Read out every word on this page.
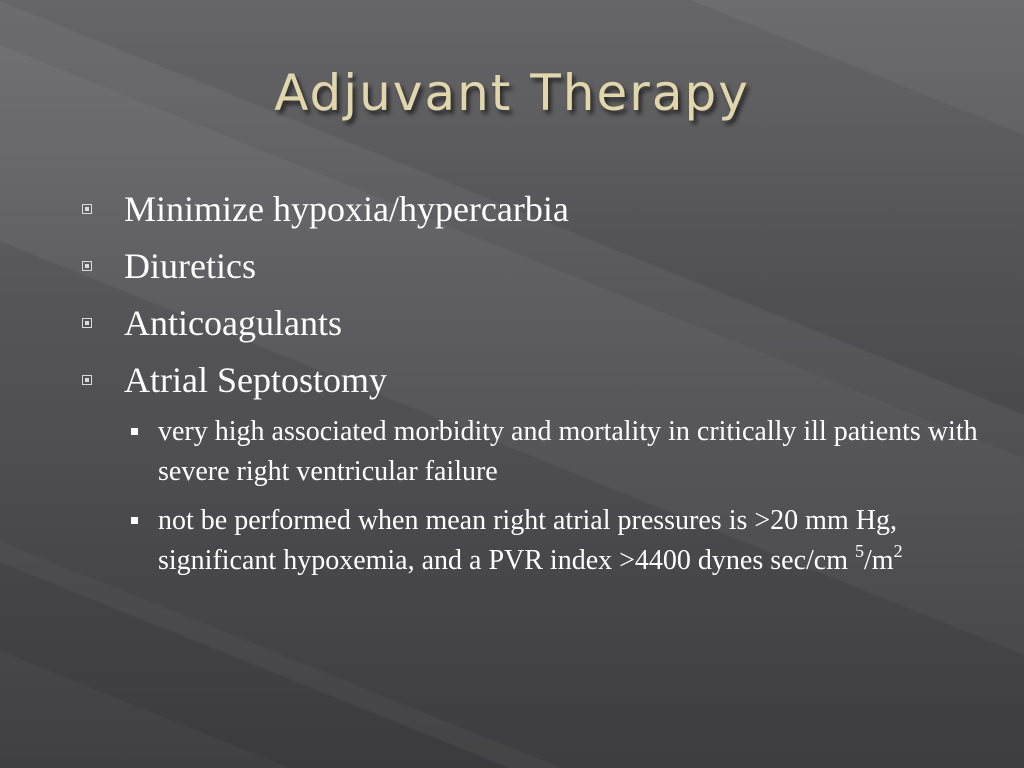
Adjuvant Therapy
Minimize hypoxia/hypercarbia
Diuretics
Anticoagulants
Atrial Septostomy
very high associated morbidity and mortality in critically ill patients with severe right ventricular failure
not be performed when mean right atrial pressures is >20 mm Hg, significant hypoxemia, and a PVR index >4400 dynes sec/cm $^5/m^2$
